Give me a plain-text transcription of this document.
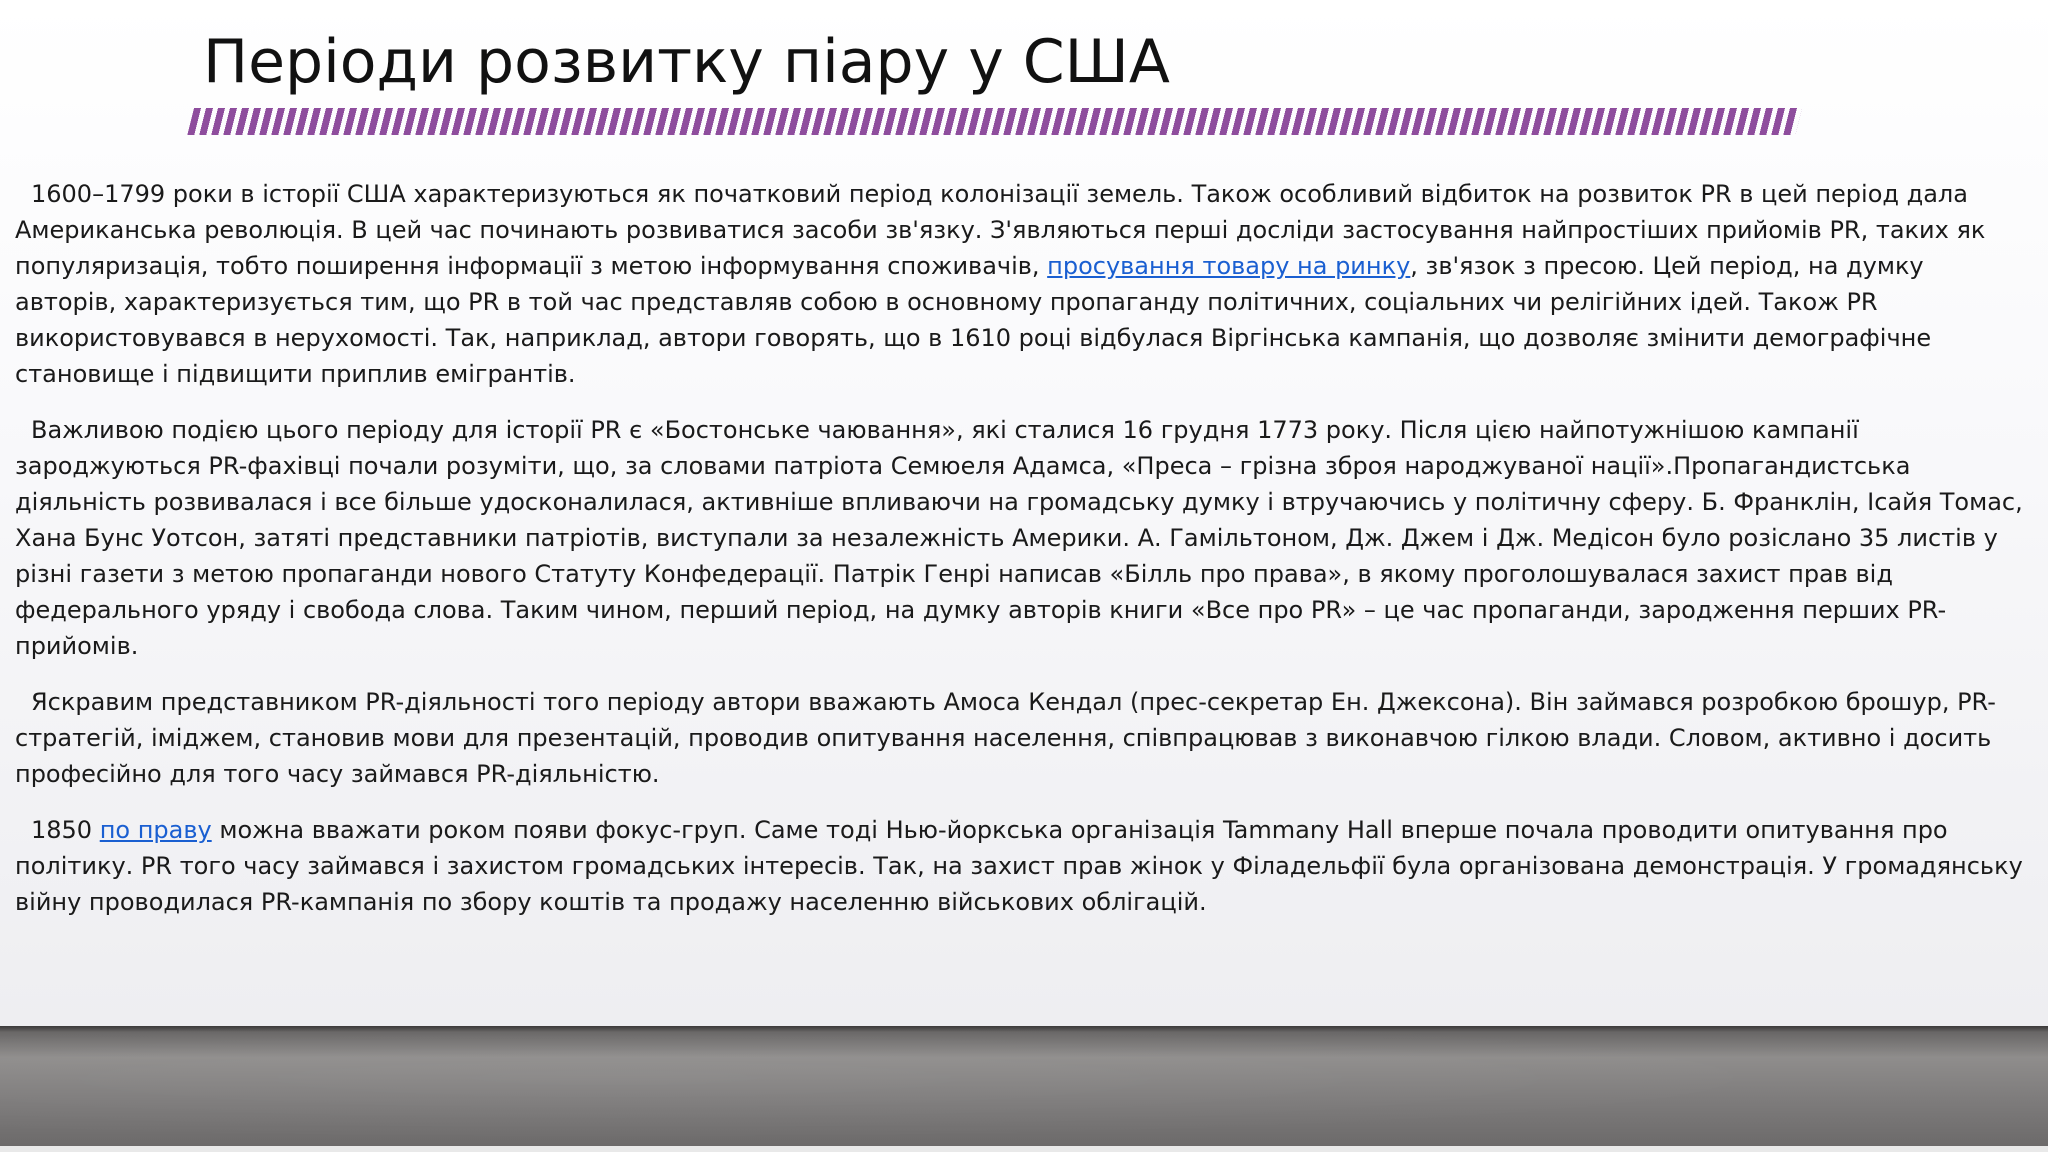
Періоди розвитку піару у США

1600–1799 роки в історії США характеризуються як початковий період колонізації земель. Також особливий відбиток на розвиток PR в цей період дала Американська революція. В цей час починають розвиватися засоби зв'язку. З'являються перші досліди застосування найпростіших прийомів PR, таких як популяризація, тобто поширення інформації з метою інформування споживачів, просування товару на ринку, зв'язок з пресою. Цей період, на думку авторів, характеризується тим, що PR в той час представляв собою в основному пропаганду політичних, соціальних чи релігійних ідей. Також PR використовувався в нерухомості. Так, наприклад, автори говорять, що в 1610 році відбулася Віргінська кампанія, що дозволяє змінити демографічне становище і підвищити приплив емігрантів.

Важливою подією цього періоду для історії PR є «Бостонське чаювання», які сталися 16 грудня 1773 року. Після цією найпотужнішою кампанії зароджуються PR-фахівці почали розуміти, що, за словами патріота Семюеля Адамса, «Преса – грізна зброя народжуваної нації».Пропагандистська діяльність розвивалася і все більше удосконалилася, активніше впливаючи на громадську думку і втручаючись у політичну сферу. Б. Франклін, Ісайя Томас, Хана Бунс Уотсон, затяті представники патріотів, виступали за незалежність Америки. А. Гамільтоном, Дж. Джем і Дж. Медісон було розіслано 35 листів у різні газети з метою пропаганди нового Статуту Конфедерації. Патрік Генрі написав «Білль про права», в якому проголошувалася захист прав від федерального уряду і свобода слова. Таким чином, перший період, на думку авторів книги «Все про PR» – це час пропаганди, зародження перших PR-прийомів.

Яскравим представником PR-діяльності того періоду автори вважають Амоса Кендал (прес-секретар Ен. Джексона). Він займався розробкою брошур, PR-стратегій, іміджем, становив мови для презентацій, проводив опитування населення, співпрацював з виконавчою гілкою влади. Словом, активно і досить професійно для того часу займався PR-діяльністю.

1850 по праву можна вважати роком появи фокус-груп. Саме тоді Нью-йоркська організація Tammany Hall вперше почала проводити опитування про політику. PR того часу займався і захистом громадських інтересів. Так, на захист прав жінок у Філадельфії була організована демонстрація. У громадянську війну проводилася PR-кампанія по збору коштів та продажу населенню військових облігацій.
